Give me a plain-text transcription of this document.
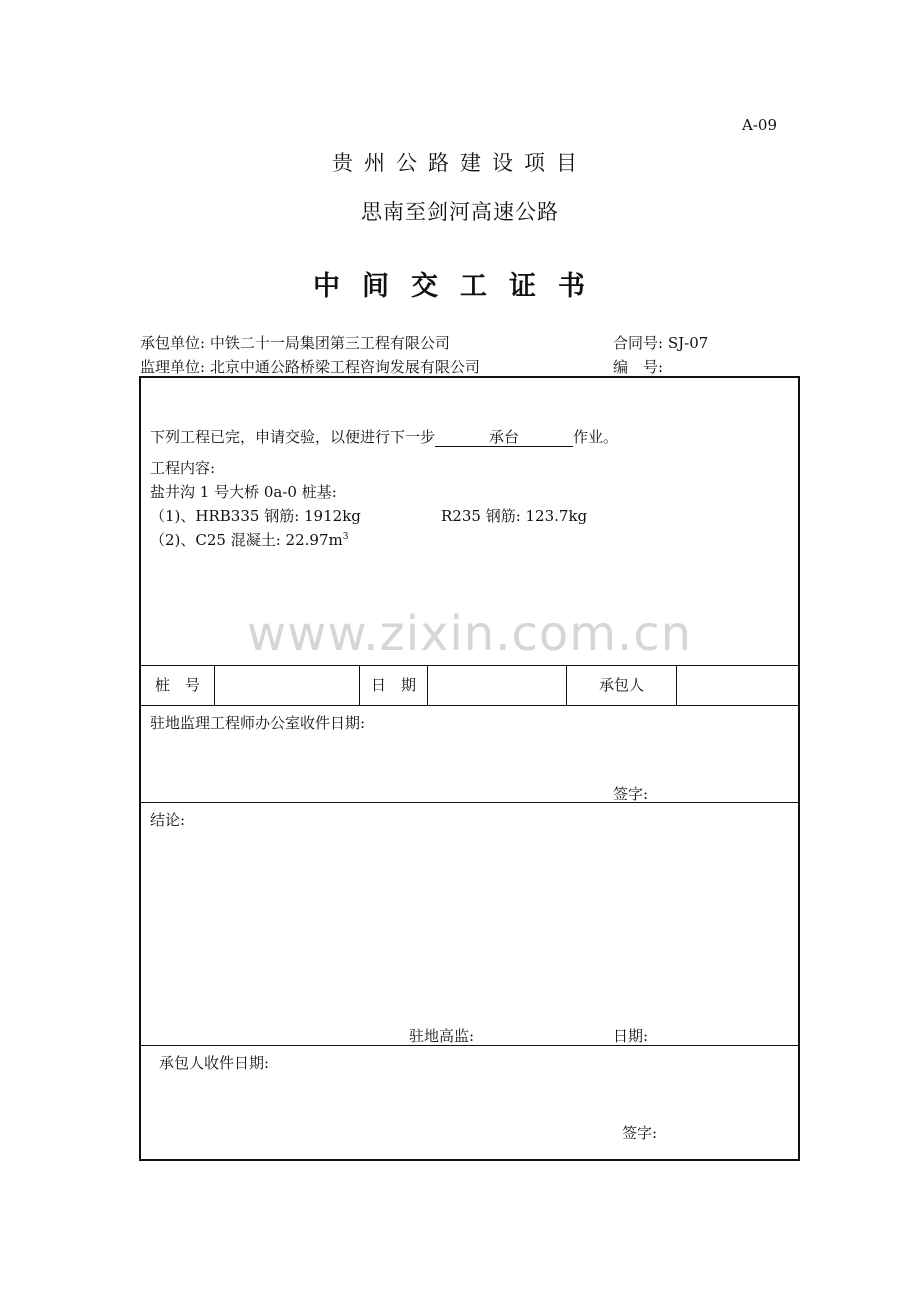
A-09
贵州公路建设项目
思南至剑河高速公路
中间交工证书
承包单位: 中铁二十一局集团第三工程有限公司	合同号: SJ-07
监理单位: 北京中通公路桥梁工程咨询发展有限公司	编　号:
www.zixin.com.cn
下列工程已完，申请交验，以便进行下一步	承台	作业。
工程内容:
盐井沟 1 号大桥 0a-0 桩基:
（1)、HRB335 钢筋: 1912kg	R235 钢筋: 123.7kg
（2)、C25 混凝土: $22.97m^3$
桩　号	日　期	承包人
驻地监理工程师办公室收件日期:
签字:
结论:
驻地高监:	日期:
承包人收件日期:
签字:
